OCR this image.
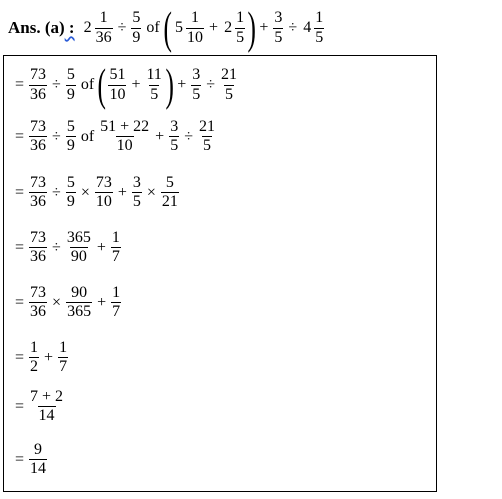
Ans. (a) : $2 \frac{1}{36} \div \frac{5}{9}$ of ( $5 \frac{1}{10} + 2 \frac{1}{5}$ ) + $\frac{3}{5} \div 4 \frac{1}{5}$
= $\frac{73}{36} \div \frac{5}{9}$ of ( $\frac{51}{10} + \frac{11}{5}$ ) + $\frac{3}{5} \div \frac{21}{5}$
= $\frac{73}{36} \div \frac{5}{9}$ of $\frac{51 + 22}{10} + \frac{3}{5} \div \frac{21}{5}$
= $\frac{73}{36} \div \frac{5}{9} \times \frac{73}{10} + \frac{3}{5} \times \frac{5}{21}$
= $\frac{73}{36} \div \frac{365}{90} + \frac{1}{7}$
= $\frac{73}{36} \times \frac{90}{365} + \frac{1}{7}$
= $\frac{1}{2} + \frac{1}{7}$
= $\frac{7 + 2}{14}$
= $\frac{9}{14}$
